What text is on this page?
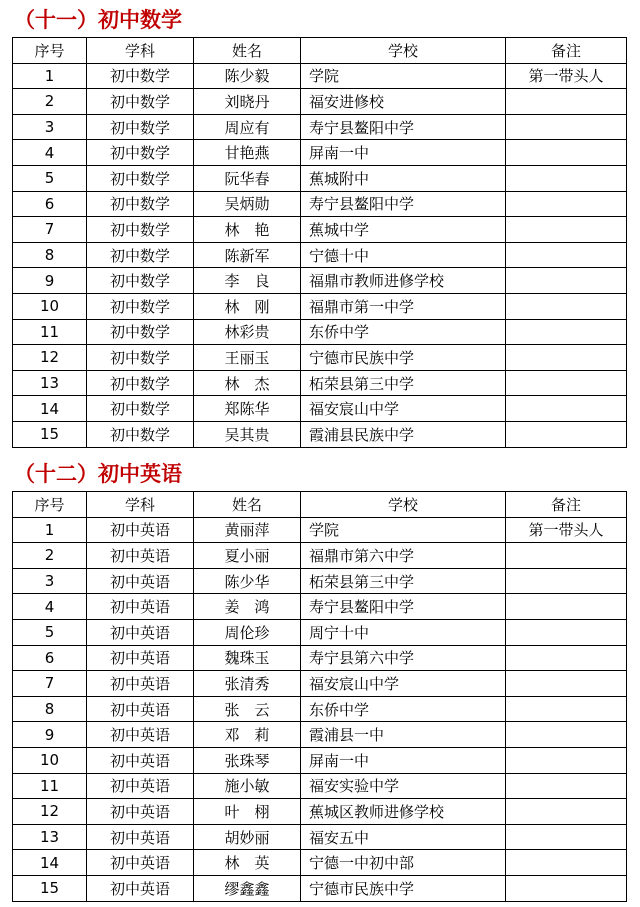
（十一）初中数学
序号	学科	姓名	学校	备注
1	初中数学	陈少毅	学院	第一带头人
2	初中数学	刘晓丹	福安进修校	
3	初中数学	周应有	寿宁县鳌阳中学	
4	初中数学	甘艳燕	屏南一中	
5	初中数学	阮华春	蕉城附中	
6	初中数学	吴炳勋	寿宁县鳌阳中学	
7	初中数学	林　艳	蕉城中学	
8	初中数学	陈新军	宁德十中	
9	初中数学	李　良	福鼎市教师进修学校	
10	初中数学	林　刚	福鼎市第一中学	
11	初中数学	林彩贵	东侨中学	
12	初中数学	王丽玉	宁德市民族中学	
13	初中数学	林　杰	柘荣县第三中学	
14	初中数学	郑陈华	福安宸山中学	
15	初中数学	吴其贵	霞浦县民族中学	
（十二）初中英语
序号	学科	姓名	学校	备注
1	初中英语	黄丽萍	学院	第一带头人
2	初中英语	夏小丽	福鼎市第六中学	
3	初中英语	陈少华	柘荣县第三中学	
4	初中英语	姜　鸿	寿宁县鳌阳中学	
5	初中英语	周伦珍	周宁十中	
6	初中英语	魏珠玉	寿宁县第六中学	
7	初中英语	张清秀	福安宸山中学	
8	初中英语	张　云	东侨中学	
9	初中英语	邓　莉	霞浦县一中	
10	初中英语	张珠琴	屏南一中	
11	初中英语	施小敏	福安实验中学	
12	初中英语	叶　栩	蕉城区教师进修学校	
13	初中英语	胡妙丽	福安五中	
14	初中英语	林　英	宁德一中初中部	
15	初中英语	缪鑫鑫	宁德市民族中学	
